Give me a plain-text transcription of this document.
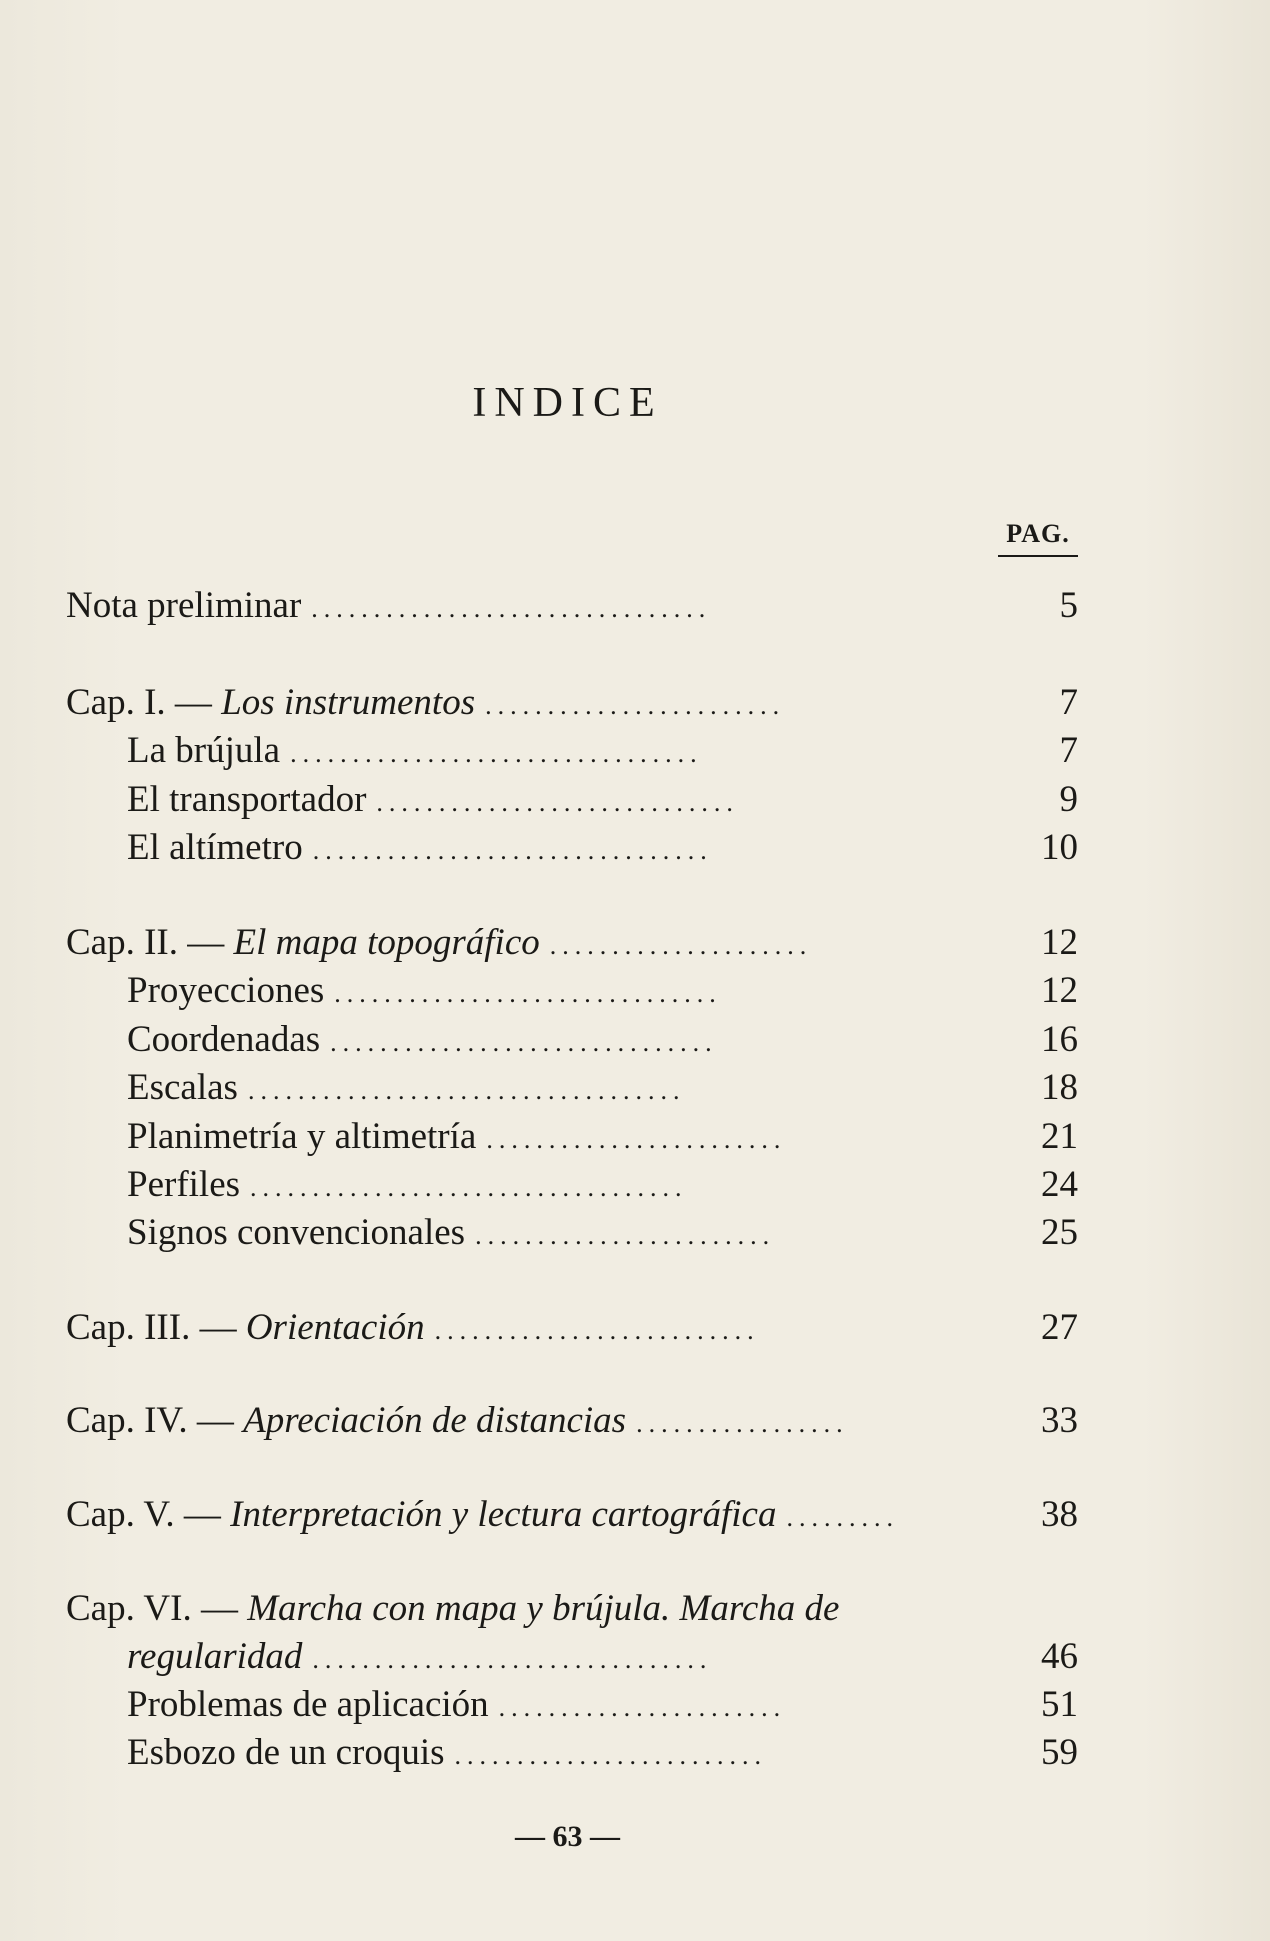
INDICE
PAG.
Nota preliminar ................................	5
Cap. I. — Los instrumentos ........................	7
La brújula .................................	7
El transportador .............................	9
El altímetro ................................	10
Cap. II. — El mapa topográfico .....................	12
Proyecciones ...............................	12
Coordenadas ...............................	16
Escalas ...................................	18
Planimetría y altimetría ........................	21
Perfiles ...................................	24
Signos convencionales ........................	25
Cap. III. — Orientación ..........................	27
Cap. IV. — Apreciación de distancias .................	33
Cap. V. — Interpretación y lectura cartográfica .........	38
Cap. VI. — Marcha con mapa y brújula. Marcha de
regularidad ................................	46
Problemas de aplicación .......................	51
Esbozo de un croquis .........................	59
— 63 —
